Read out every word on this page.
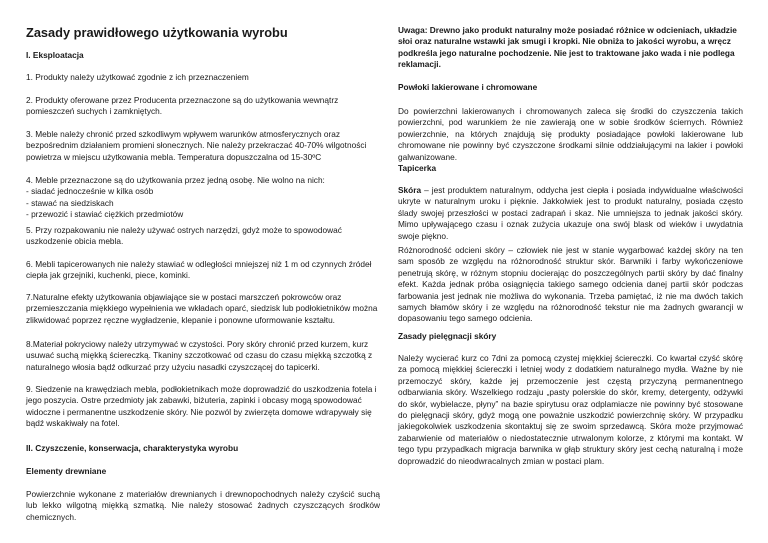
Zasady prawidłowego użytkowania wyrobu
I. Eksploatacja

1. Produkty należy użytkować zgodnie z ich przeznaczeniem

2. Produkty oferowane przez Producenta przeznaczone są do użytkowania wewnątrz pomieszczeń suchych i zamkniętych.

3. Meble należy chronić przed szkodliwym wpływem warunków atmosferycznych oraz bezpośrednim działaniem promieni słonecznych. Nie należy przekraczać 40-70% wilgotności powietrza w miejscu użytkowania mebla. Temperatura dopuszczalna od 15-30ºC

4. Meble przeznaczone są do użytkowania przez jedną osobę. Nie wolno na nich:
- siadać jednocześnie w kilka osób
- stawać na siedziskach
- przewozić i stawiać ciężkich przedmiotów

5. Przy rozpakowaniu nie należy używać ostrych narzędzi, gdyż może to spowodować uszkodzenie obicia mebla.

6. Mebli tapicerowanych nie należy stawiać w odległości mniejszej niż 1 m od czynnych źródeł ciepła jak grzejniki, kuchenki, piece, kominki.

7.Naturalne efekty użytkowania objawiające sie w postaci marszczeń pokrowców oraz przemieszczania miękkiego wypełnienia we wkładach oparć, siedzisk lub podłokietników można zlikwidować poprzez ręczne wygładzenie, klepanie i ponowne uformowanie kształtu.

8.Materiał pokryciowy należy utrzymywać w czystości. Pory skóry chronić przed kurzem, kurz usuwać suchą miękką ściereczką. Tkaniny szczotkować od czasu do czasu miękką szczotką z naturalnego włosia bądź odkurzać przy użyciu nasadki czyszczącej do tapicerki.

9. Siedzenie na krawędziach mebla, podłokietnikach może doprowadzić do uszkodzenia fotela i jego poszycia. Ostre przedmioty jak zabawki, biżuteria, zapinki i obcasy mogą spowodować widoczne i permanentne uszkodzenie skóry. Nie pozwól by zwierzęta domowe wdrapywały się bądź wskakiwały na fotel.

II. Czyszczenie, konserwacja, charakterystyka wyrobu
Elementy drewniane

Powierzchnie wykonane z materiałów drewnianych i drewnopochodnych należy czyścić suchą lub lekko wilgotną miękką szmatką. Nie należy stosować żadnych czyszczących środków chemicznych.

Uwaga: Drewno jako produkt naturalny może posiadać różnice w odcieniach, układzie słoi oraz naturalne wstawki jak smugi i kropki. Nie obniża to jakości wyrobu, a wręcz podkreśla jego naturalne pochodzenie. Nie jest to traktowane jako wada i nie podlega reklamacji.

Powłoki lakierowane i chromowane

Do powierzchni lakierowanych i chromowanych zaleca się środki do czyszczenia takich powierzchni, pod warunkiem że nie zawierają one w sobie środków ściernych. Również powierzchnie, na których znajdują się produkty posiadające powłoki lakierowane lub chromowane nie powinny być czyszczone środkami silnie oddziałującymi na lakier i powłoki galwanizowane.

Tapicerka

Skóra – jest produktem naturalnym, oddycha jest ciepła i posiada indywidualne właściwości ukryte w naturalnym uroku i pięknie. Jakkolwiek jest to produkt naturalny, posiada często ślady swojej przeszłości w postaci zadrapań i skaz. Nie umniejsza to jednak jakości skóry. Mimo upływającego czasu i oznak zużycia ukazuje ona swój blask od wieków i uwydatnia swoje piękno.

Różnorodność odcieni skóry – człowiek nie jest w stanie wygarbować każdej skóry na ten sam sposób ze względu na różnorodność struktur skór. Barwniki i farby wykończeniowe penetrują skórę, w różnym stopniu docierając do poszczególnych partii skóry by dać finalny efekt. Każda jednak próba osiągnięcia takiego samego odcienia danej partii skór podczas farbowania jest jednak nie możliwa do wykonania. Trzeba pamiętać, iż nie ma dwóch takich samych błamów skóry i ze względu na różnorodność tekstur nie ma żadnych gwarancji w dopasowaniu tego samego odcienia.

Zasady pielęgnacji skóry

Należy wycierać kurz co 7dni za pomocą czystej miękkiej ściereczki. Co kwartał czyść skórę za pomocą miękkiej ściereczki i letniej wody z dodatkiem naturalnego mydła. Ważne by nie przemoczyć skóry, każde jej przemoczenie jest częstą przyczyną permanentnego odbarwiania skóry. Wszelkiego rodzaju „pasty polerskie do skór, kremy, detergenty, odżywki do skór, wybielacze, płyny” na bazie spirytusu oraz odplamiacze nie powinny być stosowane do pielęgnacji skóry, gdyż mogą one poważnie uszkodzić powierzchnię skóry. W przypadku jakiegokolwiek uszkodzenia skontaktuj się ze swoim sprzedawcą. Skóra może przyjmować zabarwienie od materiałów o niedostatecznie utrwalonym kolorze, z którymi ma kontakt. W tego typu przypadkach migracja barwnika w głąb struktury skóry jest cechą naturalną i może doprowadzić do nieodwracalnych zmian w postaci plam.
